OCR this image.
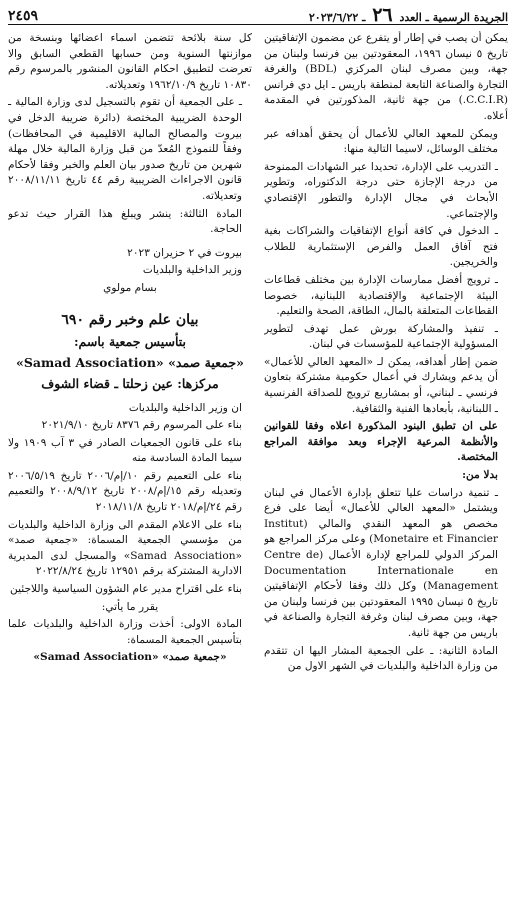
الجريدة الرسمية ـ العدد ٢٦ ـ ٢٠٢٣/٦/٢٢
٢٤٥٩

يمكن أن يصب في إطار أو يتفرع عن مضمون الإتفاقيتين تاريخ ٥ نيسان ١٩٩٦، المعقودتين بين فرنسا ولبنان من جهة، وبين مصرف لبنان المركزي (BDL) والغرفة التجارة والصناعة التابعة لمنطقة باريس ـ ايل دي فرانس (C.C.I.R.) من جهة ثانية، المذكورتين في المقدمة أعلاه.

ويمكن للمعهد العالي للأعمال أن يحقق أهدافه عبر مختلف الوسائل، لاسيما التالية منها:

ـ التدريب على الإدارة، تحديدا عبر الشهادات الممنوحة من درجة الإجازة حتى درجة الدكتوراه، وتطوير الأبحاث في مجال الإدارة والتطور الإقتصادي والإجتماعي.

ـ الدخول في كافة أنواع الإتفاقيات والشراكات بغية فتح آفاق العمل والفرص الإستثمارية للطلاب والخريجين.

ـ ترويج أفضل ممارسات الإدارة بين مختلف قطاعات البيئة الإجتماعية والإقتصادية اللبنانية، خصوصا القطاعات المتعلقة بالمال، الطاقة، الصحة والتعليم.

ـ تنفيذ والمشاركة بورش عمل تهدف لتطوير المسؤولية الإجتماعية للمؤسسات في لبنان.

ضمن إطار أهدافه، يمكن لـ «المعهد العالي للأعمال» أن يدعم ويشارك في أعمال حكومية مشتركة بتعاون فرنسي ـ لبناني، أو بمشاريع ترويج للصداقة الفرنسية ـ اللبنانية، بأبعادها الفنية والثقافية.

على ان تطبق البنود المذكورة اعلاه وفقا للقوانين والأنظمة المرعية الإجراء وبعد موافقة المراجع المختصة.

بدلا من:

ـ تنمية دراسات عليا تتعلق بإدارة الأعمال في لبنان ويشتمل «المعهد العالي للأعمال» أيضا على فرع مخصص هو المعهد النقدي والمالي (Institut Monetaire et Financier) وعلى مركز المراجع هو المركز الدولي للمراجع لإدارة الأعمال (Centre de Documentation Internationale en Management) وكل ذلك وفقا لأحكام الإتفاقيتين تاريخ ٥ نيسان ١٩٩٥ المعقودتين بين فرنسا ولبنان من جهة، وبين مصرف لبنان وغرفة التجارة والصناعة في باريس من جهة ثانية.

المادة الثانية: ـ على الجمعية المشار اليها ان تتقدم من وزارة الداخلية والبلديات في الشهر الاول من

كل سنة بلائحة تتضمن اسماء اعضائها وبنسخة من موازنتها السنوية ومن حسابها القطعي السابق والا تعرضت لتطبيق احكام القانون المنشور بالمرسوم رقم ١٠٨٣٠ تاريخ ١٩٦٢/١٠/٩ وتعديلاته.

ـ على الجمعية أن تقوم بالتسجيل لدى وزارة المالية ـ الوحدة الضريبية المختصة (دائرة ضريبة الدخل في بيروت والمصالح المالية الاقليمية في المحافظات) وفقاً للنموذج المُعدّ من قبل وزارة المالية خلال مهلة شهرين من تاريخ صدور بيان العلم والخبر وفقا لأحكام قانون الاجراءات الضريبية رقم ٤٤ تاريخ ٢٠٠٨/١١/١١ وتعديلاته.

المادة الثالثة: ينشر ويبلغ هذا القرار حيث تدعو الحاجة.

بيروت في ٢ حزيران ٢٠٢٣

وزير الداخلية والبلديات

بسام مولوي

بيان علم وخبر رقم ٦٩٠

بتأسيس جمعية باسم:

«جمعية صمد» «Samad Association»

مركزها: عين زحلتا ـ قضاء الشوف

ان وزير الداخلية والبلديات

بناء على المرسوم رقم ٨٣٧٦ تاريخ ٢٠٢١/٩/١٠

بناء على قانون الجمعيات الصادر في ٣ آب ١٩٠٩ ولا سيما المادة السادسة منه

بناء على التعميم رقم ١٠/إم/٢٠٠٦ تاريخ ٢٠٠٦/٥/١٩ وتعديله رقم ١٥/إم/٢٠٠٨ تاريخ ٢٠٠٨/٩/١٢ والتعميم رقم ٢٤/إم/٢٠١٨ تاريخ ٢٠١٨/١١/٨

بناء على الاعلام المقدم الى وزارة الداخلية والبلديات من مؤسسي الجمعية المسماة: «جمعية صمد» «Samad Association» والمسجل لدى المديرية الادارية المشتركة برقم ١٢٩٥١ تاريخ ٢٠٢٢/٨/٢٤

بناء على اقتراح مدير عام الشؤون السياسية واللاجئين

يقرر ما يأتي:

المادة الاولى: أخذت وزارة الداخلية والبلديات علما بتأسيس الجمعية المسماة:

«جمعية صمد» «Samad Association»
